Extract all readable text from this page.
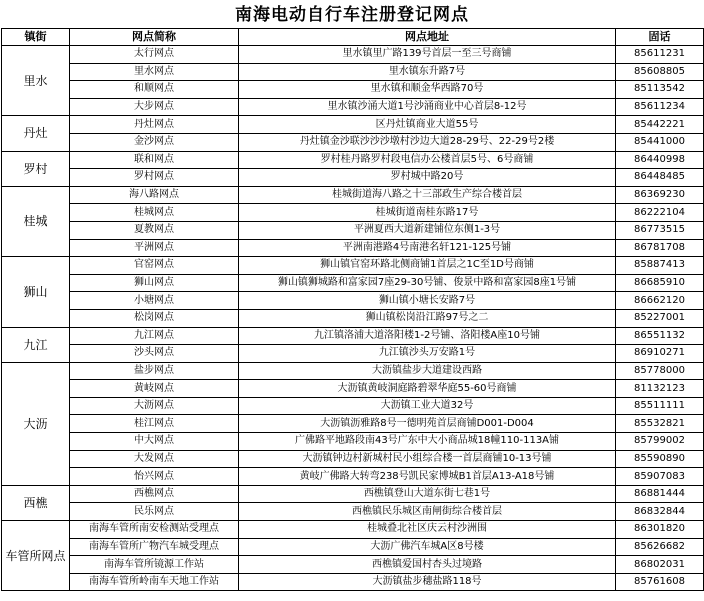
南海电动自行车注册登记网点
镇街	网点简称	网点地址	固话
里水	太行网点	里水镇里广路139号首层一至三号商铺	85611231
	里水网点	里水镇东升路7号	85608805
	和顺网点	里水镇和顺金华西路70号	85113542
	大步网点	里水镇沙涌大道1号沙涌商业中心首层8-12号	85611234
丹灶	丹灶网点	区丹灶镇商业大道55号	85442221
	金沙网点	丹灶镇金沙联沙沙沙墩村沙边大道28-29号、22-29号2楼	85441000
罗村	联和网点	罗村桂丹路罗村段电信办公楼首层5号、6号商铺	86440998
	罗村网点	罗村城中路20号	86448485
桂城	海八路网点	桂城街道海八路之十三部政生产综合楼首层	86369230
	桂城网点	桂城街道南桂东路17号	86222104
	夏教网点	平洲夏西大道新建铺位东侧1-3号	86773515
	平洲网点	平洲南港路4号南港名轩121-125号铺	86781708
狮山	官窑网点	狮山镇官窑环路北侧商铺1首层之1C至1D号商铺	85887413
	狮山网点	狮山镇狮城路和富家园7座29-30号铺、俊景中路和富家园8座1号铺	86685910
	小塘网点	狮山镇小塘长安路7号	86662120
	松岗网点	狮山镇松岗沿江路97号之二	85227001
九江	九江网点	九江镇洛浦大道洛阳楼1-2号铺、洛阳楼A座10号铺	86551132
	沙头网点	九江镇沙头万安路1号	86910271
大沥	盐步网点	大沥镇盐步大道建设西路	85778000
	黄岐网点	大沥镇黄岐洞庭路碧翠华庭55-60号商铺	81132123
	大沥网点	大沥镇工业大道32号	85511111
	桂江网点	大沥镇沥雅路8号一德明苑首层商铺D001-D004	85532821
	中大网点	广佛路平地路段南43号广东中大小商品城18幢110-113A铺	85799002
	大发网点	大沥镇钟边村新城村民小组综合楼一首层商铺10-13号铺	85590890
	怡兴网点	黄岐广佛路大转弯238号凯民家博城B1首层A13-A18号铺	85907083
西樵	西樵网点	西樵镇登山大道东街七巷1号	86881444
	民乐网点	西樵镇民乐城区南闸街综合楼首层	86832844
车管所网点	南海车管所南安检测站受理点	桂城叠北社区庆云村沙洲围	86301820
	南海车管所广物汽车城受理点	大沥广佛汽车城A区8号楼	85626682
	南海车管所镜源工作站	西樵镇爱国村杏头过境路	86802031
	南海车管所岭南车天地工作站	大沥镇盐步穗盐路118号	85761608
